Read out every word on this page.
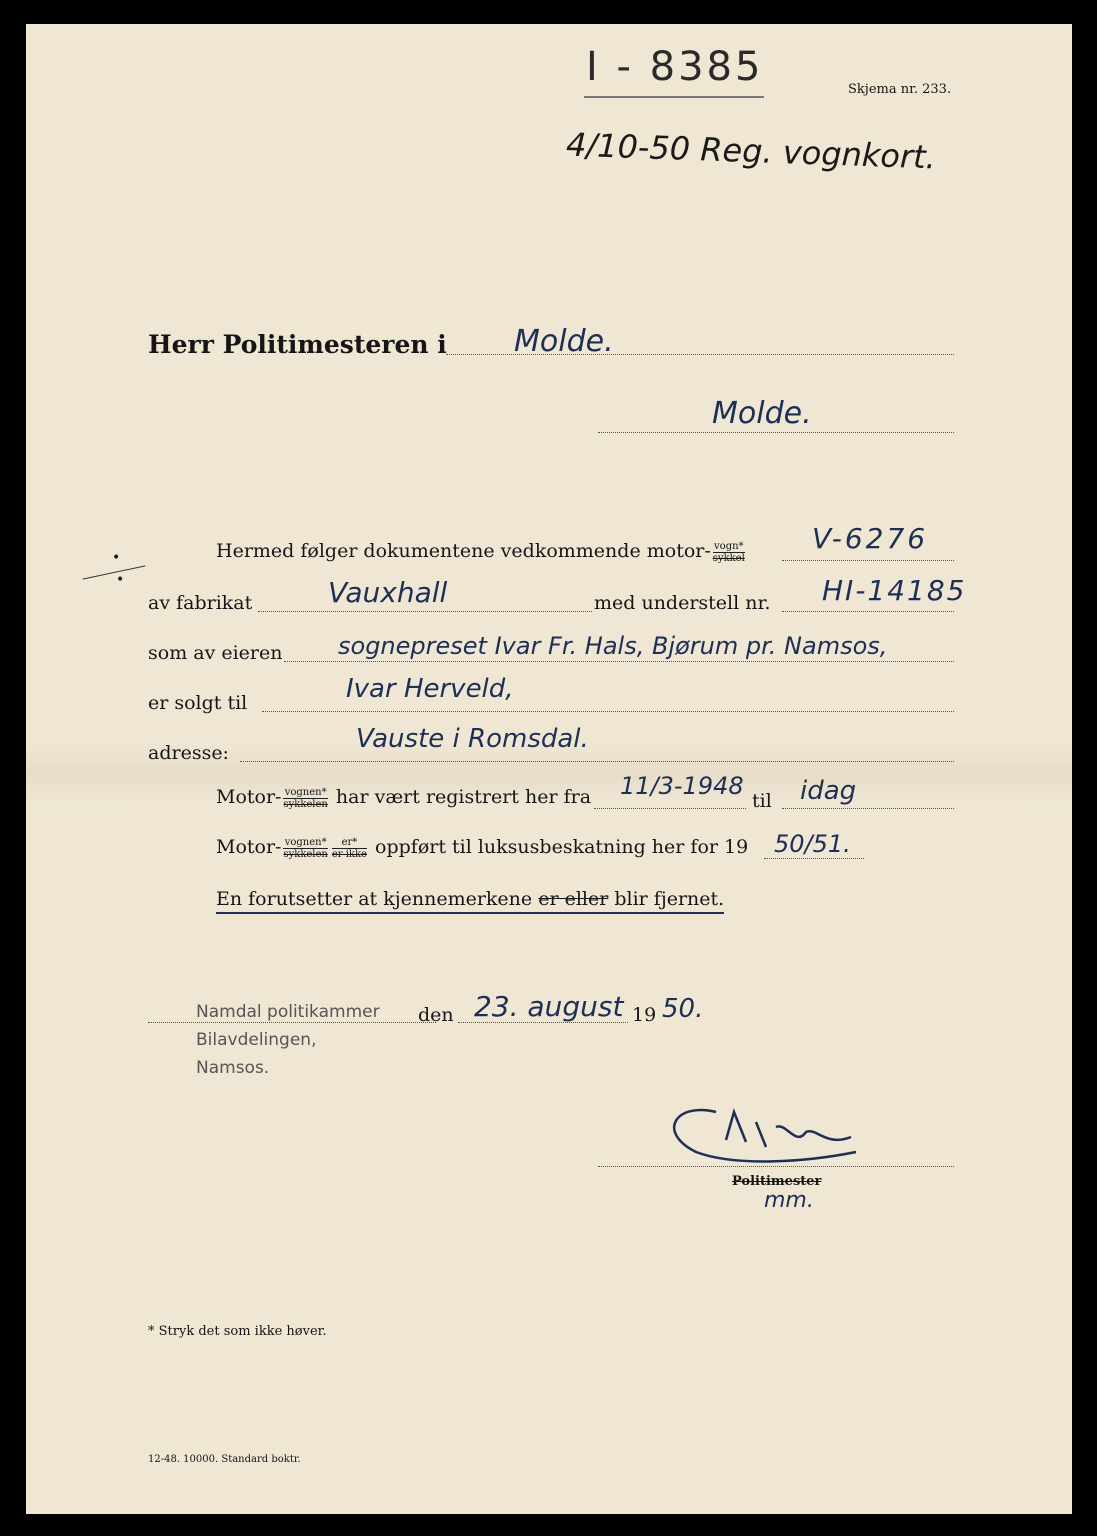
I - 8385	Skjema nr. 233.
4/10-50 Reg. vognkort.
Herr Politimesteren i Molde.
Molde.
•
•
Hermed følger dokumentene vedkommende motor- $\frac{\text{vogn*}}{\text{sykkel}} V-6276$
av fabrikat	Vauxhall	med understell nr. HI-14185
som av eieren sognepreset Ivar Fr. Hals, Bjørum pr. Namsos,
er solgt til	Ivar Herveld,
adresse:	Vauste i Romsdal.
Motor- $\frac{\text{vognen*}}{\text{sykkelen}}$ har vært registrert her fra 11/3-1948
til idag
Motor- $\frac{\text{vognen*}}{\text{sykkelen}} \frac{er*}{\text{er ikke}}$ oppført til luksusbeskatning her for 19 50/51.
En forutsetter at kjennemerkene er eller blir fjernet.
Namdal politikammer
Bilavdelingen,
Namsos.
den 23. august 19 50.
Politimester
mm.
* Stryk det som ikke høver.
12-48. 10000. Standard boktr.
